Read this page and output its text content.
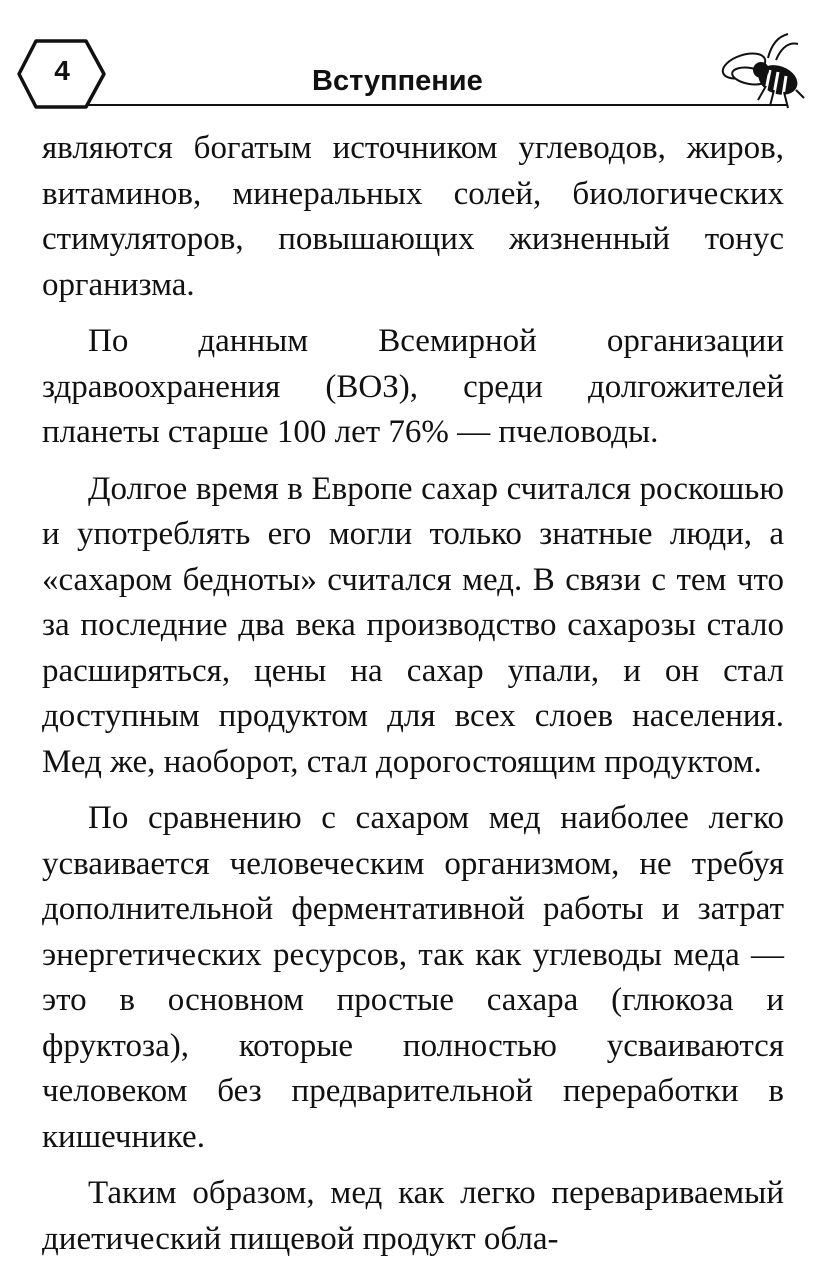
4	Вступпение

являются богатым источником углеводов, жиров, витаминов, минеральных солей, биологических стимуляторов, повышающих жизненный тонус организма.

По данным Всемирной организации здравоохранения (ВОЗ), среди долгожителей планеты старше 100 лет 76% — пчеловоды.

Долгое время в Европе сахар считался роскошью и употреблять его могли только знатные люди, а «сахаром бедноты» считался мед. В связи с тем что за последние два века производство сахарозы стало расширяться, цены на сахар упали, и он стал доступным продуктом для всех слоев населения. Мед же, наоборот, стал дорогостоящим продуктом.

По сравнению с сахаром мед наиболее легко усваивается человеческим организмом, не требуя дополнительной ферментативной работы и затрат энергетических ресурсов, так как углеводы меда — это в основном простые сахара (глюкоза и фруктоза), которые полностью усваиваются человеком без предварительной переработки в кишечнике.

Таким образом, мед как легко перевариваемый диетический пищевой продукт обла-
